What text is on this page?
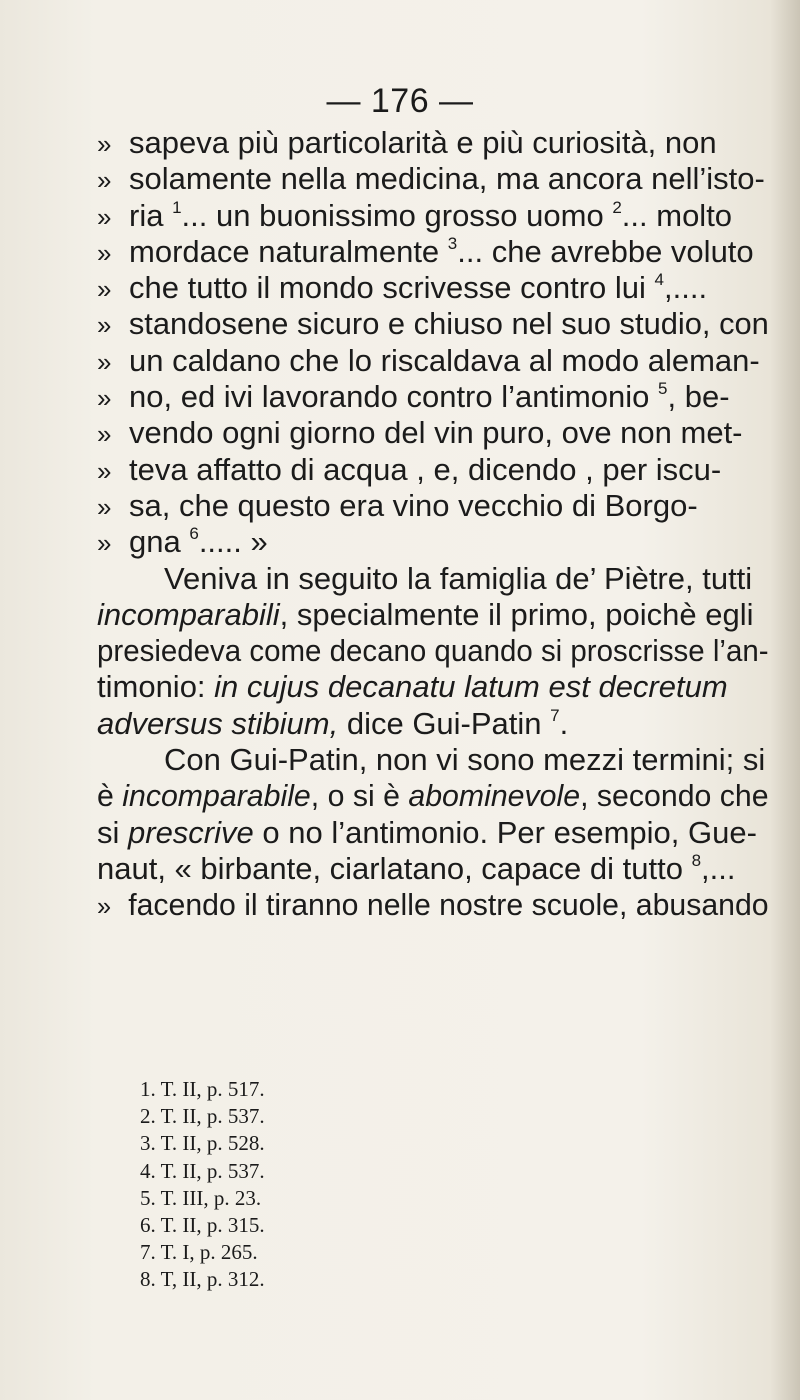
— 176 —
» sapeva più particolarità e più curiosità, non
» solamente nella medicina, ma ancora nell’isto-
» ria $^1$... un buonissimo grosso uomo $^2$... molto
» mordace naturalmente $^3$... che avrebbe voluto
» che tutto il mondo scrivesse contro lui $^4$,....
» standosene sicuro e chiuso nel suo studio, con
» un caldano che lo riscaldava al modo aleman-
» no, ed ivi lavorando contro l’antimonio $^5$, be-
» vendo ogni giorno del vin puro, ove non met-
» teva affatto di acqua , e, dicendo , per iscu-
» sa, che questo era vino vecchio di Borgo-
» gna $^6$..... »
Veniva in seguito la famiglia de’ Piètre, tutti
incomparabili, specialmente il primo, poichè egli
presiedeva come decano quando si proscrisse l’an-
timonio: in cujus decanatu latum est decretum
adversus stibium, dice Gui-Patin $^7$.
Con Gui-Patin, non vi sono mezzi termini; si
è incomparabile, o si è abominevole, secondo che
si prescrive o no l’antimonio. Per esempio, Gue-
naut, « birbante, ciarlatano, capace di tutto $^8$,...
» facendo il tiranno nelle nostre scuole, abusando
1. T. II, p. 517.
2. T. II, p. 537.
3. T. II, p. 528.
4. T. II, p. 537.
5. T. III, p. 23.
6. T. II, p. 315.
7. T. I, p. 265.
8. T, II, p. 312.
